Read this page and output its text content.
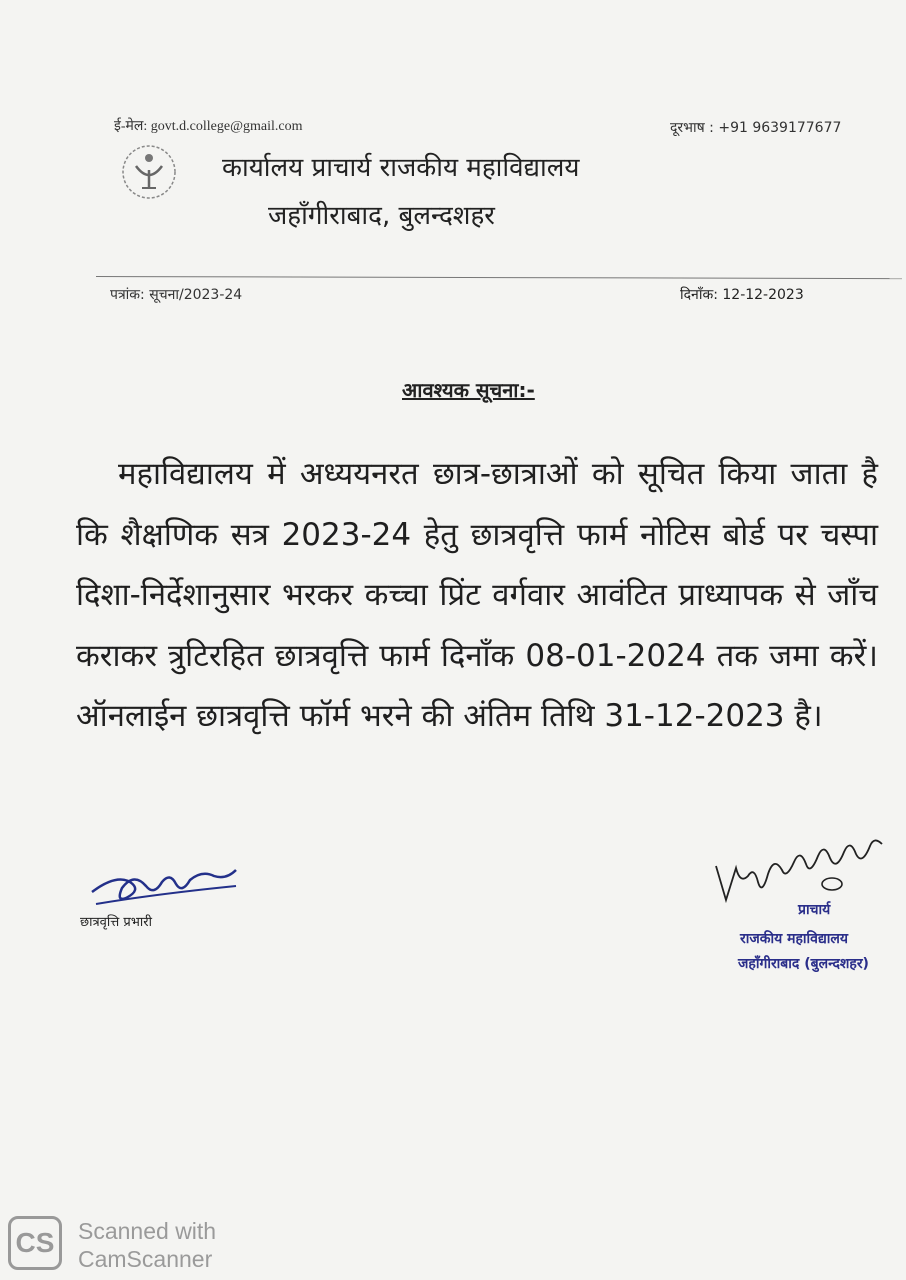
ई-मेल: govt.d.college@gmail.com	दूरभाष : +91 9639177677
कार्यालय प्राचार्य राजकीय महाविद्यालय
जहाँगीराबाद, बुलन्दशहर
पत्रांक: सूचना/2023-24	दिनाँक: 12-12-2023
आवश्यक सूचना:-
महाविद्यालय में अध्ययनरत छात्र-छात्राओं को सूचित किया जाता है कि शैक्षणिक सत्र 2023-24 हेतु छात्रवृत्ति फार्म नोटिस बोर्ड पर चस्पा दिशा-निर्देशानुसार भरकर कच्चा प्रिंट वर्गवार आवंटित प्राध्यापक से जाँच कराकर त्रुटिरहित छात्रवृत्ति फार्म दिनाँक 08-01-2024 तक जमा करें। ऑनलाईन छात्रवृत्ति फॉर्म भरने की अंतिम तिथि 31-12-2023 है।
छात्रवृत्ति प्रभारी
प्राचार्य
राजकीय महाविद्यालय
जहाँगीराबाद (बुलन्दशहर)
CS	Scanned with
CamScanner
